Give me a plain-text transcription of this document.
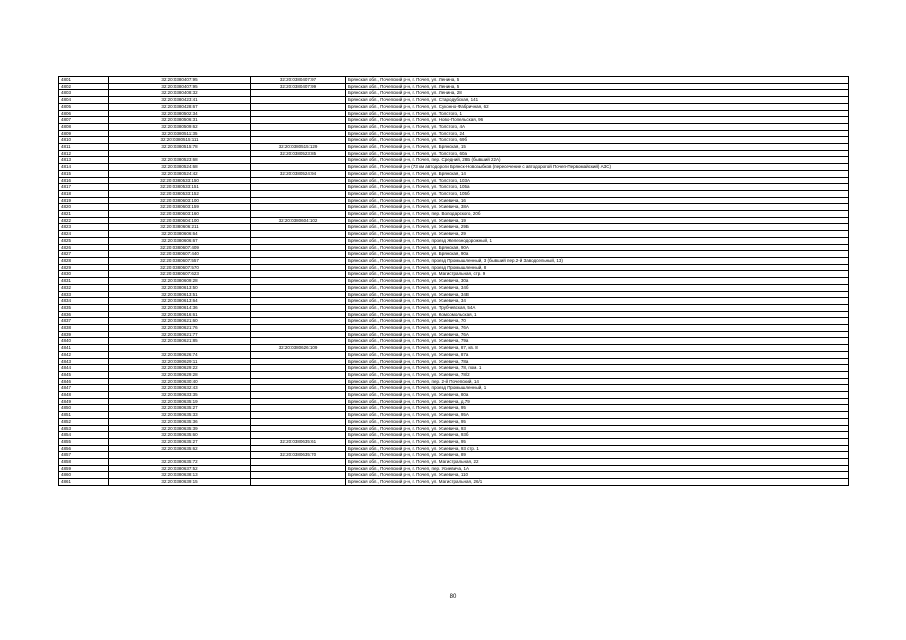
4801	32:20:0380407:95	32:20:0380407:97	Брянская обл., Почепский р-н, г. Почеп, ул. Ленина, 5
4802	32:20:0380407:95	32:20:0380407:99	Брянская обл., Почепский р-н, г. Почеп, ул. Ленина, 5
4803	32:20:0380408:32		Брянская обл., Почепский р-н, г. Почеп, ул. Ленина, 28
4804	32:20:0380423:41		Брянская обл., Почепский р-н, г. Почеп, ул. Стародубская, 141
4805	32:20:0380428:67		Брянская обл., Почепский р-н, г. Почеп, ул. Суконно-Фабричная, 62
4806	32:20:0380502:34		Брянская обл., Почепский р-н, г. Почеп, ул. Толстого, 1
4807	32:20:0380506:31		Брянская обл., Почепский р-н, г. Почеп, ул. Ново-Попельская, 96
4808	32:20:0380509:62		Брянская обл., Почепский р-н, г. Почеп, ул. Толстого, 4А
4809	32:20:0380511:35		Брянская обл., Почепский р-н, г. Почеп, ул. Толстого, 24
4810	32:20:0380515:111		Брянская обл., Почепский р-н, г. Почеп, ул. Толстого, 69б
4811	32:20:0380515:78	32:20:0380515:129	Брянская обл., Почепский р-н, г. Почеп, ул. Брянская, 15
4812		32:20:0380523:85	Брянская обл., Почепский р-н, г. Почеп, ул. Толстого, 60а
4813	32:20:0380523:68		Брянская обл., Почепский р-н, г. Почеп, пер. Средний, 28Б (бывший 22А)
4814	32:20:0380524:68		Брянская обл., Почепский р-н (73 км автодороги Брянск-Новозыбков (пересечение с автодорогой Почеп-Первомайский) АЗС)
4815	32:20:0380524:42	32:20:0380524:94	Брянская обл., Почепский р-н, г. Почеп, ул. Брянская, 14
4816	32:20:0380533:150		Брянская обл., Почепский р-н, г. Почеп, ул. Толстого, 103А
4817	32:20:0380533:151		Брянская обл., Почепский р-н, г. Почеп, ул. Толстого, 105а
4818	32:20:0380533:152		Брянская обл., Почепский р-н, г. Почеп, ул. Толстого, 105б
4819	32:20:0380603:100		Брянская обл., Почепский р-н, г. Почеп, ул. Усиевича, 16
4820	32:20:0380603:159		Брянская обл., Почепский р-н, г. Почеп, ул. Усиевича, 38А
4821	32:20:0380603:160		Брянская обл., Почепский р-н, г. Почеп, пер. Володарского, 20б
4822	32:20:0380604:100	32:20:0380604:102	Брянская обл., Почепский р-н, г. Почеп, ул. Усиевича, 19
4823	32:20:0380606:211		Брянская обл., Почепский р-н, г. Почеп, ул. Усиевича, 29Б
4824	32:20:0380606:64		Брянская обл., Почепский р-н, г. Почеп, ул. Усиевича, 29
4825	32:20:0380606:67		Брянская обл., Почепский р-н, г. Почеп, проезд Железнодорожный, 1
4826	32:20:0380607:409		Брянская обл., Почепский р-н, г. Почеп, ул. Брянская, 90А
4827	32:20:0380607:440		Брянская обл., Почепский р-н, г. Почеп, ул. Брянская, 90а
4828	32:20:0380607:557		Брянская обл., Почепский р-н, г. Почеп, проезд Промышленный, 3 (бывший пер.2-й Заводсельный, 13)
4829	32:20:0380607:570		Брянская обл., Почепский р-н, г. Почеп, проезд Промышленный, 8
4830	32:20:0380607:623		Брянская обл., Почепский р-н, г. Почеп, ул. Магистральная, стр. 9
4831	32:20:0380609:28		Брянская обл., Почепский р-н, г. Почеп, ул. Усиевича, 30а
4832	32:20:0380613:50		Брянская обл., Почепский р-н, г. Почеп, ул. Усиевича, 34б
4833	32:20:0380613:51		Брянская обл., Почепский р-н, г. Почеп, ул. Усиевича, 34В
4834	32:20:0380613:64		Брянская обл., Почепский р-н, г. Почеп, ул. Усиевича, 34
4835	32:20:0380614:36		Брянская обл., Почепский р-н, г. Почеп, ул. Трубчевская, 54А
4836	32:20:0380616:61		Брянская обл., Почепский р-н, г. Почеп, ул. Комсомольская, 1
4837	32:20:0380621:60		Брянская обл., Почепский р-н, г. Почеп, ул. Усиевича, 70
4838	32:20:0380621:76		Брянская обл., Почепский р-н, г. Почеп, ул. Усиевича, 76А
4839	32:20:0380621:77		Брянская обл., Почепский р-н, г. Почеп, ул. Усиевича, 76А
4840	32:20:0380621:85		Брянская обл., Почепский р-н, г. Почеп, ул. Усиевича, 79а
4841		32:20:0380626:109	Брянская обл., Почепский р-н, г. Почеп, ул. Усиевича, 87, кв. 8
4842	32:20:0380626:74		Брянская обл., Почепский р-н, г. Почеп, ул. Усиевича, 87а
4843	32:20:0380629:11		Брянская обл., Почепский р-н, г. Почеп, ул. Усиевича, 78а
4844	32:20:0380629:22		Брянская обл., Почепский р-н, г. Почеп, ул. Усиевича, 78, пом. 1
4845	32:20:0380629:28		Брянская обл., Почепский р-н, г. Почеп, ул. Усиевича, 78/2
4846	32:20:0380630:40		Брянская обл., Почепский р-н, г. Почеп, пер. 2-й Почепский, 14
4847	32:20:0380632:43		Брянская обл., Почепский р-н, г. Почеп, проезд Промышленный, 1
4848	32:20:0380633:35		Брянская обл., Почепский р-н, г. Почеп, ул. Усиевича, 80а
4849	32:20:0380635:19		Брянская обл., Почепский р-н, г. Почеп, ул. Усиевича, д.79
4850	32:20:0380635:27		Брянская обл., Почепский р-н, г. Почеп, ул. Усиевича, 95
4851	32:20:0380635:33		Брянская обл., Почепский р-н, г. Почеп, ул. Усиевича, 95А
4852	32:20:0380635:36		Брянская обл., Почепский р-н, г. Почеп, ул. Усиевича, 95
4853	32:20:0380635:39		Брянская обл., Почепский р-н, г. Почеп, ул. Усиевича, 93
4854	32:20:0380635:60		Брянская обл., Почепский р-н, г. Почеп, ул. Усиевича, 93б
4855	32:20:0380635:27	32:20:0380635:61	Брянская обл., Почепский р-н, г. Почеп, ул. Усиевича, 95
4856	32:20:0380635:62		Брянская обл., Почепский р-н, г. Почеп, ул. Усиевича, 93 стр. 1
4857		32:20:0380635:70	Брянская обл., Почепский р-н, г. Почеп, ул. Усиевича, 89
4858	32:20:0380635:72		Брянская обл., Почепский р-н, г. Почеп, ул. Магистральная, 22
4859	32:20:0380637:52		Брянская обл., Почепский р-н, г. Почеп, пер. Усиевича, 1А
4860	32:20:0380638:13		Брянская обл., Почепский р-н, г. Почеп, ул. Усиевича, 110
4861	32:20:0380639:15		Брянская обл., Почепский р-н, г. Почеп, ул. Магистральная, 26/1
80
